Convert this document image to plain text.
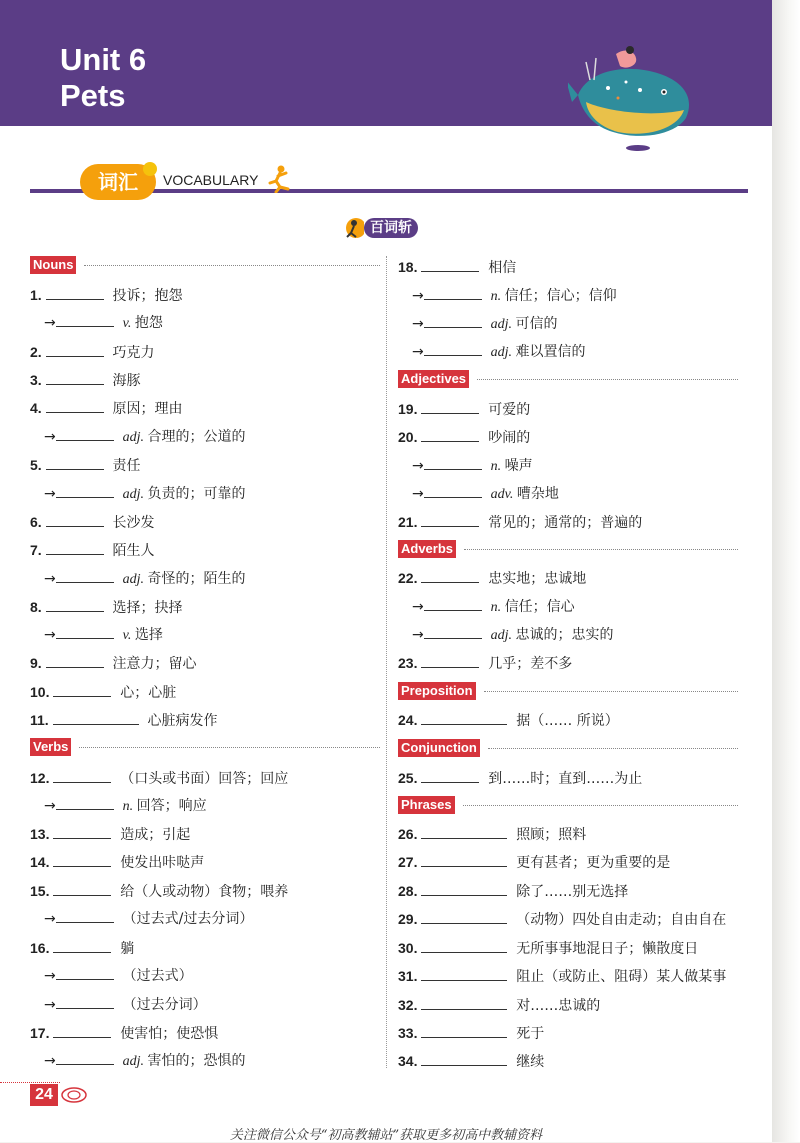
Unit 6
Pets
词汇	VOCABULARY
百词斩
Nouns
Verbs
1.	投诉；抱怨
→	v. 抱怨
2.	巧克力
3.	海豚
4.	原因；理由
→	adj. 合理的；公道的
5.	责任
→	adj. 负责的；可靠的
6.	长沙发
7.	陌生人
→	adj. 奇怪的；陌生的
8.	选择；抉择
→	v. 选择
9.	注意力；留心
10.	心；心脏
11.	心脏病发作
12.	（口头或书面）回答；回应
→	n. 回答；响应
13.	造成；引起
14.	使发出咔哒声
15.	给（人或动物）食物；喂养
→	（过去式/过去分词）
16.	躺
→	（过去式）
→	（过去分词）
17.	使害怕；使恐惧
→	adj. 害怕的；恐惧的
Adjectives
Adverbs
Preposition
Conjunction
Phrases
18.	相信
→	n. 信任；信心；信仰
→	adj. 可信的
→	adj. 难以置信的
19.	可爱的
20.	吵闹的
→	n. 噪声
→	adv. 嘈杂地
21.	常见的；通常的；普遍的
22.	忠实地；忠诚地
→	n. 信任；信心
→	adj. 忠诚的；忠实的
23.	几乎；差不多
24.	据（…… 所说）
25.	到……时；直到……为止
26.	照顾；照料
27.	更有甚者；更为重要的是
28.	除了……别无选择
29.	（动物）四处自由走动；自由自在
30.	无所事事地混日子；懒散度日
31.	阻止（或防止、阻碍）某人做某事
32.	对……忠诚的
33.	死于
34.	继续
24
关注微信公众号“初高教辅站”获取更多初高中教辅资料
